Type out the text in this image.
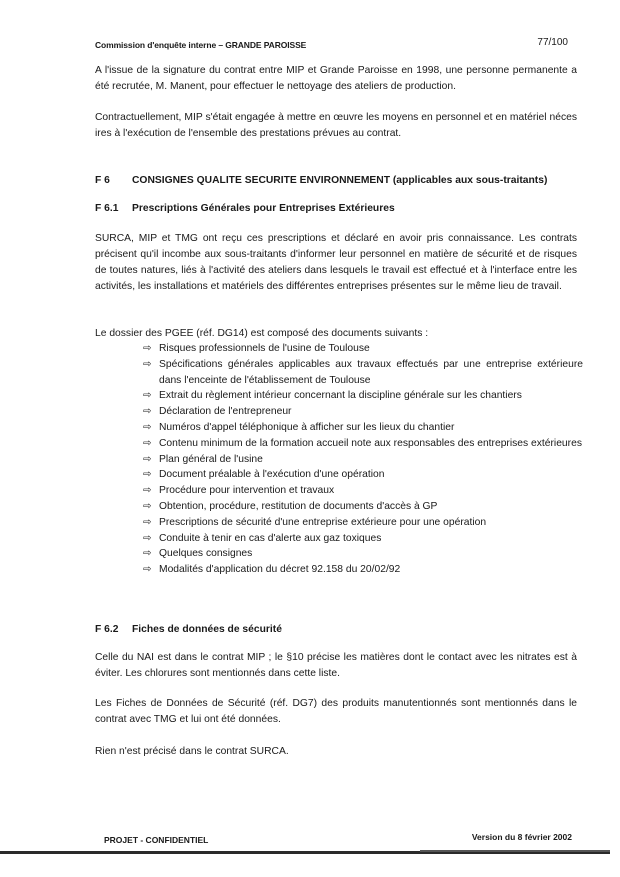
Commission d'enquête interne – GRANDE PAROISSE	77/100

A l'issue de la signature du contrat entre MIP et Grande Paroisse en 1998, une personne permanente a été recrutée, M. Manent, pour effectuer le nettoyage des ateliers de production.

Contractuellement, MIP s'était engagée à mettre en œuvre les moyens en personnel et en matériel néces ires à l'exécution de l'ensemble des prestations prévues au contrat.

F 6 CONSIGNES QUALITE SECURITE ENVIRONNEMENT (applicables aux sous-traitants)
F 6.1 Prescriptions Générales pour Entreprises Extérieures

SURCA, MIP et TMG ont reçu ces prescriptions et déclaré en avoir pris connaissance. Les contrats précisent qu'il incombe aux sous-traitants d'informer leur personnel en matière de sécurité et de risques de toutes natures, liés à l'activité des ateliers dans lesquels le travail est effectué et à l'interface entre les activités, les installations et matériels des différentes entreprises présentes sur le même lieu de travail.

Le dossier des PGEE (réf. DG14) est composé des documents suivants :
⇨ Risques professionnels de l'usine de Toulouse
⇨ Spécifications générales applicables aux travaux effectués par une entreprise extérieure dans l'enceinte de l'établissement de Toulouse
⇨ Extrait du règlement intérieur concernant la discipline générale sur les chantiers
⇨ Déclaration de l'entrepreneur
⇨ Numéros d'appel téléphonique à afficher sur les lieux du chantier
⇨ Contenu minimum de la formation accueil note aux responsables des entreprises extérieures
⇨ Plan général de l'usine
⇨ Document préalable à l'exécution d'une opération
⇨ Procédure pour intervention et travaux
⇨ Obtention, procédure, restitution de documents d'accès à GP
⇨ Prescriptions de sécurité d'une entreprise extérieure pour une opération
⇨ Conduite à tenir en cas d'alerte aux gaz toxiques
⇨ Quelques consignes
⇨ Modalités d'application du décret 92.158 du 20/02/92
F 6.2 Fiches de données de sécurité

Celle du NAI est dans le contrat MIP ; le §10 précise les matières dont le contact avec les nitrates est à éviter. Les chlorures sont mentionnés dans cette liste.

Les Fiches de Données de Sécurité (réf. DG7) des produits manutentionnés sont mentionnés dans le contrat avec TMG et lui ont été données.

Rien n'est précisé dans le contrat SURCA.

PROJET - CONFIDENTIEL	Version du 8 février 2002
